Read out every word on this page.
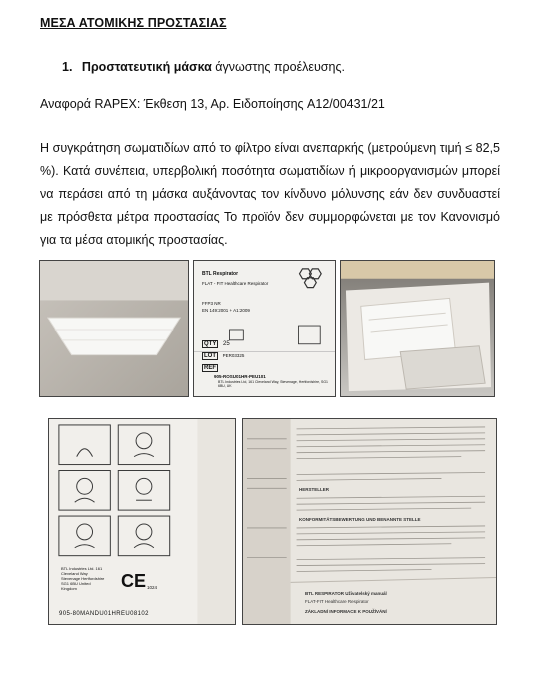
ΜΕΣΑ ΑΤΟΜΙΚΗΣ ΠΡΟΣΤΑΣΙΑΣ
1. Προστατευτική μάσκα άγνωστης προέλευσης.
Αναφορά RAPEX: Έκθεση 13, Αρ. Ειδοποίησης A12/00431/21
Η συγκράτηση σωματιδίων από το φίλτρο είναι ανεπαρκής (μετρούμενη τιμή ≤ 82,5 %). Κατά συνέπεια, υπερβολική ποσότητα σωματιδίων ή μικροοργανισμών μπορεί να περάσει από τη μάσκα αυξάνοντας τον κίνδυνο μόλυνσης εάν δεν συνδυαστεί με πρόσθετα μέτρα προστασίας Το προϊόν δεν συμμορφώνεται με τον Κανονισμό για τα μέσα ατομικής προστασίας.
BTL Respirator
FLAT - FIT Healthcare Respirator
FFP3 NR
EN 149:2001 + A1:2009
QTY 25
LOT PER03325
REF
905-ROSU01HR-PEU101
BTL Industries Ltd, 161 Cleveland Way, Stevenage, Hertfordshire, SG1 6BU, UK
BTL Industries Ltd. 161 Cleveland Way Stevenage Hertfordshire SG1 6BU United Kingdom	CE 1024
905-80MANDU01HREU08102
HERSTELLER
KONFORMITÄTSBEWERTUNG UND BENANNTE STELLE
BTL RESPIRATOR Uživatelský manuál
FLAT-FIT Healthcare Respirator
ZÁKLADNÍ INFORMACE K POUŽÍVÁNÍ
